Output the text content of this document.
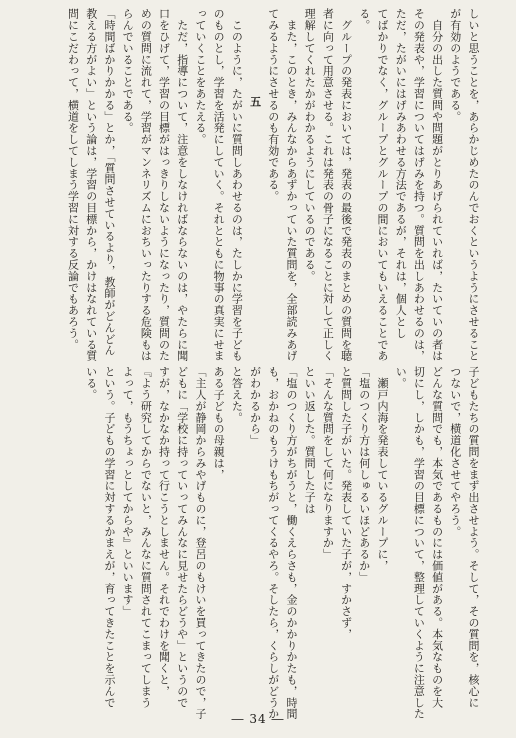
しいと思うことを，あらかじめたのんでおくというようにさせること
が有効のようである。
　自分の出した質問や問題がとりあげられていれば，たいていの者は
その発表や，学習についてはげみを持つ。質問を出しあわせるのは，
ただ，たがいにはげみあわせる方法であるが，それは，個人とし
てばかりでなく，グループとグループの間においてもいえることであ
る。
　グループの発表においては，発表の最後で発表のまとめの質問を聴
者に向って用意させる。これは発表の骨子になることに対して正しく
理解してくれたかがわかるようにしているのである。
　また，このとき，みんなからあずかっていた質問を，全部読みあげ
てみるようにさせるのも有効である。
五
　このように，たがいに質問しあわせるのは，たしかに学習を子ども
のものとし，学習を活発にしていく。それとともに物事の真実にせま
っていくことをあたえる。
　ただ，指導について，注意をしなければならないのは，やたらに聞
口をひげて，学習の目標がはっきりしないようになったり，質問のた
めの質問に流れて，学習がマンネリズムにおちいったりする危険もは
らんでいることである。
「時間ばかりかかる」とか，「質問させているより，教師がどんどん
教える方がよい」という論は，学習の目標から，かけはなれている質
問にこだわって，横道をしてしまう学習に対する反論でもあろう。
子どもたちの質問をまず出させよう。そして，その質問を，核心に
つないで，横道化させてやろう。
どんな質問でも，本気であるものには価値がある。本気なものを大
切にし，しかも，学習の目標について，整理していくように注意した
い。
　瀬戸内海を発表しているグループに，
「塩のつくり方は何しゅるいほどあるか」
と質問した子がいた。発表していた子が，すかさず，
「そんな質問をして何になりますか」
といい返した。質問した子は
「塩のつくり方がちがうと，働くえらさも，金のかかりかたも，時間
も，おかねのもうけもちがってくるやろ。そしたら，くらしがどうか
がわかるから」
と答えた。
ある子どもの母親は，
「主人が静岡からみやげものに，登呂のもけいを買ってきたので，子
どもに「学校に持っていってみんなに見せたらどうや」というので
すが，なかなか持って行こうとしません。それでわけを聞くと，
『よう研究してからでないと，みんなに質問されてこまってしまう
よって，もうちょっとしてからや』といいます」
という。子どもの学習に対するかまえが，育ってきたことを示んで
いる。
― 34 ―
